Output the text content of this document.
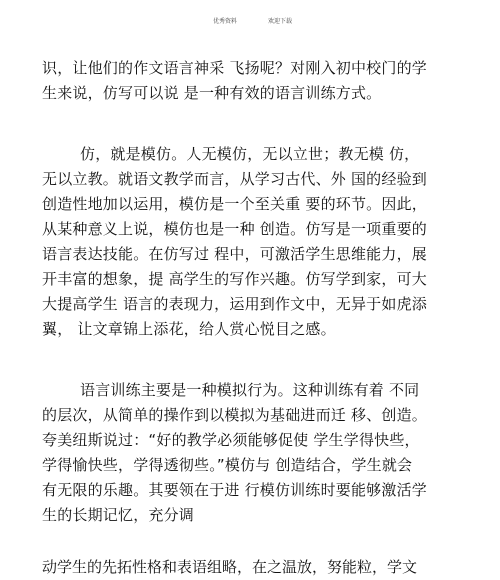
优秀资料	欢迎下载
识，让他们的作文语言神采 飞扬呢？对刚入初中校门的学
生来说，仿写可以说 是一种有效的语言训练方式。
仿，就是模仿。人无模仿，无以立世；教无模 仿，
无以立教。就语文教学而言，从学习古代、外 国的经验到
创造性地加以运用，模仿是一个至关重 要的环节。因此，
从某种意义上说，模仿也是一种 创造。仿写是一项重要的
语言表达技能。在仿写过 程中，可激活学生思维能力，展
开丰富的想象，提 高学生的写作兴趣。仿写学到家，可大
大提高学生 语言的表现力，运用到作文中，无异于如虎添
翼， 让文章锦上添花，给人赏心悦目之感。
语言训练主要是一种模拟行为。这种训练有着 不同
的层次，从简单的操作到以模拟为基础进而迁 移、创造。
夸美纽斯说过：“好的教学必须能够促使 学生学得快些，
学得愉快些，学得透彻些。”模仿与 创造结合，学生就会
有无限的乐趣。其要领在于进 行模仿训练时要能够激活学
生的长期记忆，充分调
动学生的先拓性格和表语组略，在之温放，努能粒，学文
